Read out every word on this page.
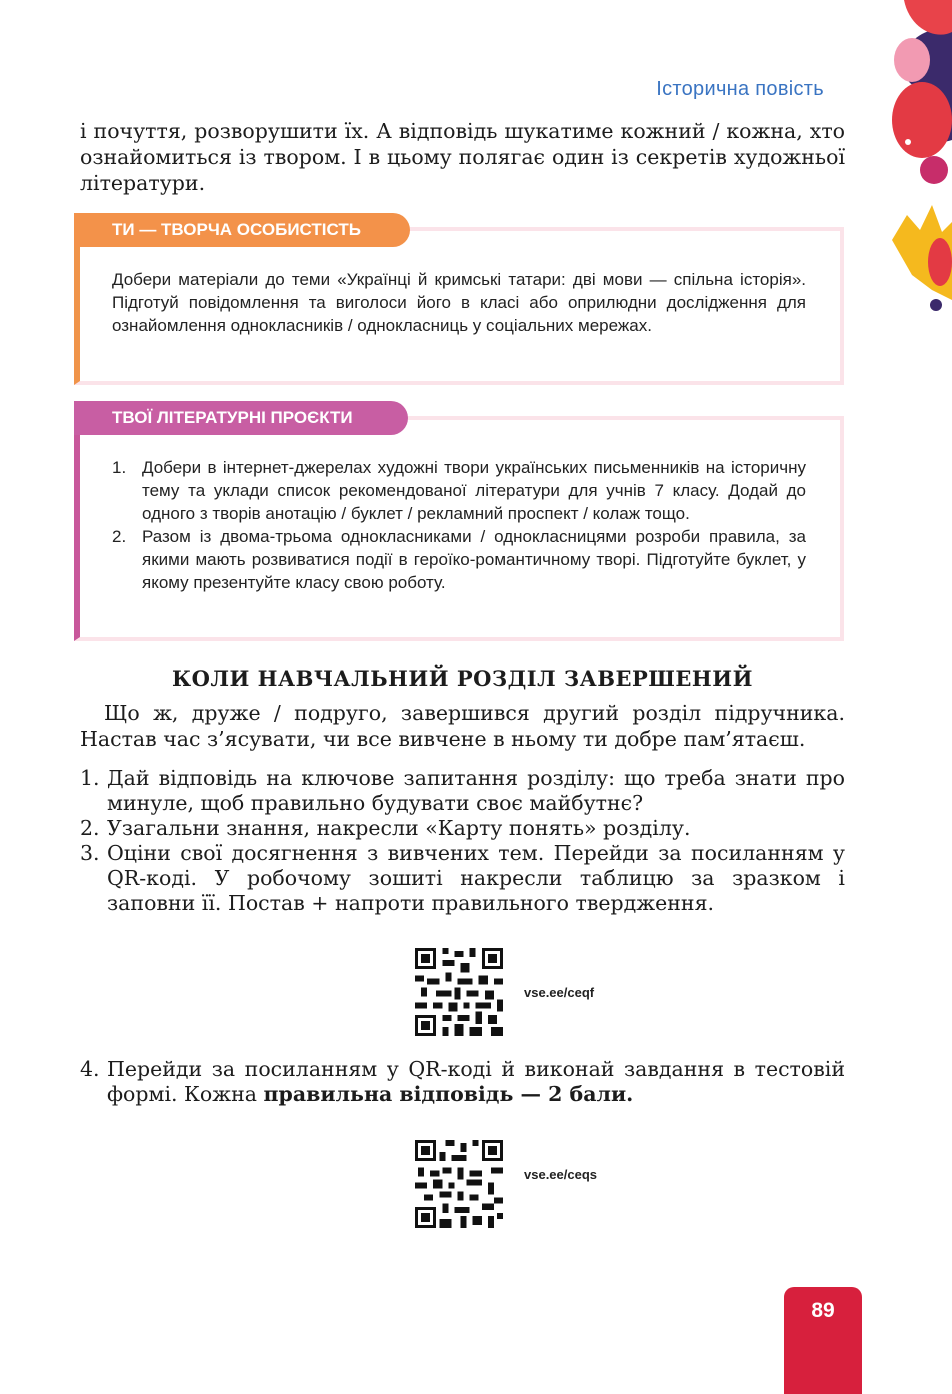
Історична повість

і почуття, розворушити їх. А відповідь шукатиме кожний / кожна, хто ознайомиться із твором. І в цьому полягає один із секретів художньої літератури.

ТИ — ТВОРЧА ОСОБИСТІСТЬ

Добери матеріали до теми «Українці й кримські татари: дві мови — спільна історія». Підготуй повідомлення та виголоси його в класі або оприлюдни дослідження для ознайомлення однокласників / однокласниць у соціальних мережах.

ТВОЇ ЛІТЕРАТУРНІ ПРОЄКТИ
1. Добери в інтернет-джерелах художні твори українських письменників на історичну тему та уклади список рекомендованої літератури для учнів 7 класу. Додай до одного з творів анотацію / буклет / рекламний проспект / колаж тощо.
2. Разом із двома-трьома однокласниками / однокласницями розроби правила, за якими мають розвиватися події в героїко-романтичному творі. Підготуйте буклет, у якому презентуйте класу свою роботу.
КОЛИ НАВЧАЛЬНИЙ РОЗДІЛ ЗАВЕРШЕНИЙ

Що ж, друже / подруго, завершився другий розділ підручника. Настав час з’ясувати, чи все вивчене в ньому ти добре пам’ятаєш.

1. Дай відповідь на ключове запитання розділу: що треба знати про минуле, щоб правильно будувати своє майбутнє?
2. Узагальни знання, накресли «Карту понять» розділу.
3. Оціни свої досягнення з вивчених тем. Перейди за посиланням у QR-коді. У робочому зошиті накресли таблицю за зразком і заповни її. Постав + напроти правильного твердження.
vse.ee/ceqf
4. Перейди за посиланням у QR-коді й виконай завдання в тестовій формі. Кожна правильна відповідь — 2 бали.
vse.ee/ceqs
89
